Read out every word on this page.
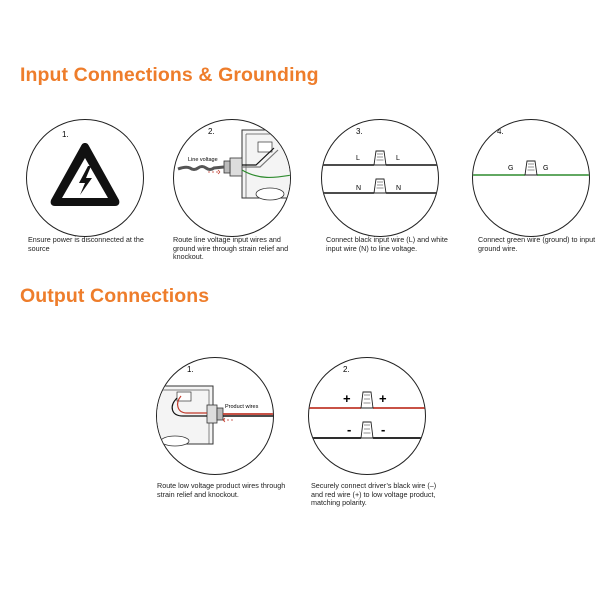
Input Connections & Grounding
1.

Ensure power is disconnected at the source

2.
Line voltage

Route line voltage input wires and ground wire through strain relief and knockout.

3.
L	L
N	N

Connect black input wire (L) and white input wire (N) to line voltage.

4.
G	G

Connect green wire (ground) to input ground wire.

Output Connections
1.
Product wires

Route low voltage product wires through strain relief and knockout.

2.
+ +
- -

Securely connect driver’s black wire (–) and red wire (+) to low voltage product, matching polarity.
